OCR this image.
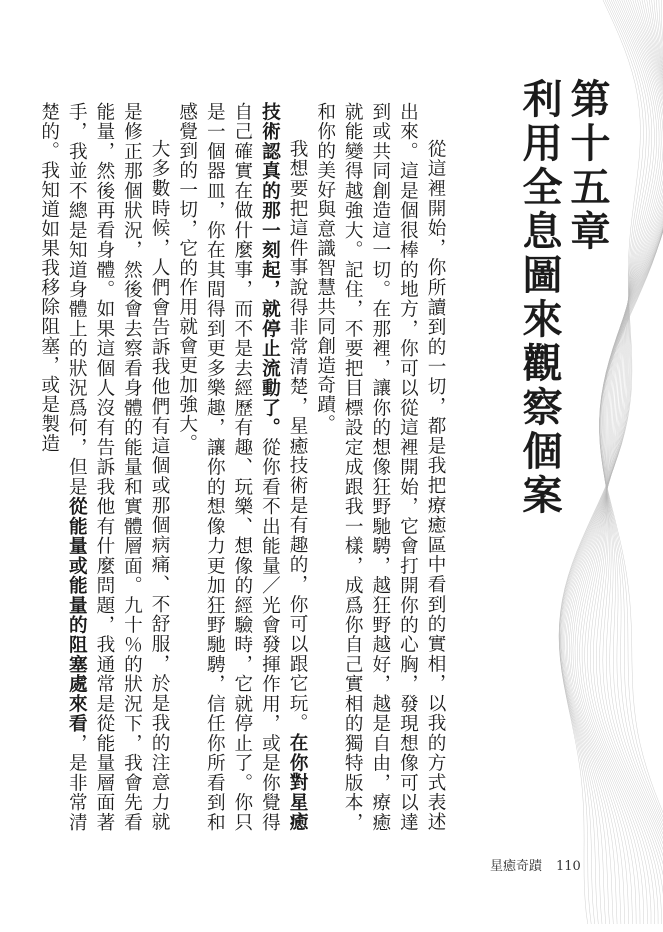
第十五章
利用全息圖來觀察個案

從這裡開始，你所讀到的一切，都是我把療癒區中看到的實相，以我的方式表述出來。這是個很棒的地方，你可以從這裡開始，它會打開你的心胸，發現想像可以達到或共同創造這一切。在那裡，讓你的想像狂野馳騁，越狂野越好，越是自由，療癒就能變得越強大。記住，不要把目標設定成跟我一樣，成爲你自己實相的獨特版本，和你的美好與意識智慧共同創造奇蹟。

我想要把這件事說得非常清楚，星癒技術是有趣的，你可以跟它玩。在你對星癒技術認真的那一刻起，就停止流動了。從你看不出能量／光會發揮作用，或是你覺得自己確實在做什麼事，而不是去經歷有趣、玩樂、想像的經驗時，它就停止了。你只是一個器皿，你在其間得到更多樂趣，讓你的想像力更加狂野馳騁，信任你所看到和感覺到的一切，它的作用就會更加強大。

大多數時候，人們會告訴我他們有這個或那個病痛、不舒服，於是我的注意力就是修正那個狀況，然後會去察看身體的能量和實體層面。九十％的狀況下，我會先看能量，然後再看身體。如果這個人沒有告訴我他有什麼問題，我通常是從能量層面著手，我並不總是知道身體上的狀況爲何，但是從能量或能量的阻塞處來看，是非常清楚的。我知道如果我移除阻塞，或是製造

星癒奇蹟 110
